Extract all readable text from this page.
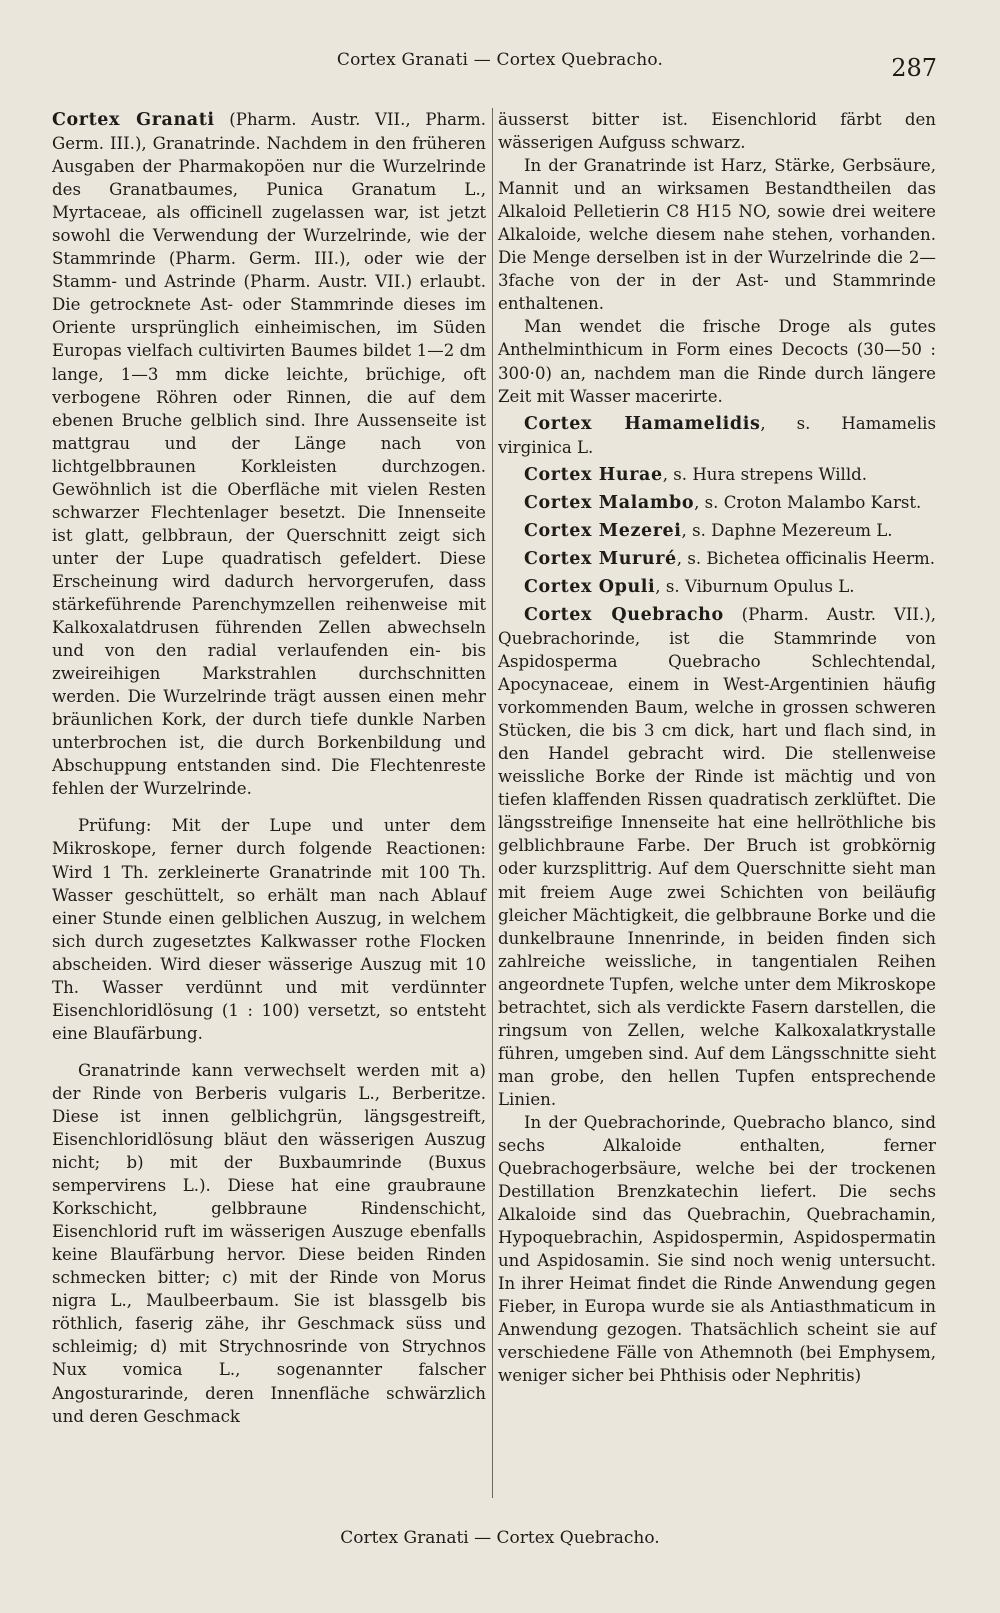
Cortex Granati — Cortex Quebracho.	287

Cortex Granati (Pharm. Austr. VII., Pharm. Germ. III.), Granatrinde. Nachdem in den früheren Ausgaben der Pharmakopöen nur die Wurzelrinde des Granatbaumes, Punica Granatum L., Myrtaceae, als officinell zugelassen war, ist jetzt sowohl die Verwendung der Wurzelrinde, wie der Stammrinde (Pharm. Germ. III.), oder wie der Stamm- und Astrinde (Pharm. Austr. VII.) erlaubt. Die getrocknete Ast- oder Stammrinde dieses im Oriente ursprünglich einheimischen, im Süden Europas vielfach cultivirten Baumes bildet 1—2 dm lange, 1—3 mm dicke leichte, brüchige, oft verbogene Röhren oder Rinnen, die auf dem ebenen Bruche gelblich sind. Ihre Aussenseite ist mattgrau und der Länge nach von lichtgelbbraunen Korkleisten durchzogen. Gewöhnlich ist die Oberfläche mit vielen Resten schwarzer Flechtenlager besetzt. Die Innenseite ist glatt, gelbbraun, der Querschnitt zeigt sich unter der Lupe quadratisch gefeldert. Diese Erscheinung wird dadurch hervorgerufen, dass stärkeführende Parenchymzellen reihenweise mit Kalkoxalatdrusen führenden Zellen abwechseln und von den radial verlaufenden ein- bis zweireihigen Markstrahlen durchschnitten werden. Die Wurzelrinde trägt aussen einen mehr bräunlichen Kork, der durch tiefe dunkle Narben unterbrochen ist, die durch Borkenbildung und Abschuppung entstanden sind. Die Flechtenreste fehlen der Wurzelrinde.

Prüfung: Mit der Lupe und unter dem Mikroskope, ferner durch folgende Reactionen: Wird 1 Th. zerkleinerte Granatrinde mit 100 Th. Wasser geschüttelt, so erhält man nach Ablauf einer Stunde einen gelblichen Auszug, in welchem sich durch zugesetztes Kalkwasser rothe Flocken abscheiden. Wird dieser wässerige Auszug mit 10 Th. Wasser verdünnt und mit verdünnter Eisenchloridlösung (1 : 100) versetzt, so entsteht eine Blaufärbung.

Granatrinde kann verwechselt werden mit a) der Rinde von Berberis vulgaris L., Berberitze. Diese ist innen gelblichgrün, längsgestreift, Eisenchloridlösung bläut den wässerigen Auszug nicht; b) mit der Buxbaumrinde (Buxus sempervirens L.). Diese hat eine graubraune Korkschicht, gelbbraune Rindenschicht, Eisenchlorid ruft im wässerigen Auszuge ebenfalls keine Blaufärbung hervor. Diese beiden Rinden schmecken bitter; c) mit der Rinde von Morus nigra L., Maulbeerbaum. Sie ist blassgelb bis röthlich, faserig zähe, ihr Geschmack süss und schleimig; d) mit Strychnosrinde von Strychnos Nux vomica L., sogenannter falscher Angosturarinde, deren Innenfläche schwärzlich und deren Geschmack

äusserst bitter ist. Eisenchlorid färbt den wässerigen Aufguss schwarz.

In der Granatrinde ist Harz, Stärke, Gerbsäure, Mannit und an wirksamen Bestandtheilen das Alkaloid Pelletierin C8 H15 NO, sowie drei weitere Alkaloide, welche diesem nahe stehen, vorhanden. Die Menge derselben ist in der Wurzelrinde die 2—3fache von der in der Ast- und Stammrinde enthaltenen.

Man wendet die frische Droge als gutes Anthelminthicum in Form eines Decocts (30—50 : 300·0) an, nachdem man die Rinde durch längere Zeit mit Wasser macerirte.

Cortex Hamamelidis, s. Hamamelis virginica L.

Cortex Hurae, s. Hura strepens Willd.

Cortex Malambo, s. Croton Malambo Karst.

Cortex Mezerei, s. Daphne Mezereum L.

Cortex Mururé, s. Bichetea officinalis Heerm.

Cortex Opuli, s. Viburnum Opulus L.

Cortex Quebracho (Pharm. Austr. VII.), Quebrachorinde, ist die Stammrinde von Aspidosperma Quebracho Schlechtendal, Apocynaceae, einem in West-Argentinien häufig vorkommenden Baum, welche in grossen schweren Stücken, die bis 3 cm dick, hart und flach sind, in den Handel gebracht wird. Die stellenweise weissliche Borke der Rinde ist mächtig und von tiefen klaffenden Rissen quadratisch zerklüftet. Die längsstreifige Innenseite hat eine hellröthliche bis gelblichbraune Farbe. Der Bruch ist grobkörnig oder kurzsplittrig. Auf dem Querschnitte sieht man mit freiem Auge zwei Schichten von beiläufig gleicher Mächtigkeit, die gelbbraune Borke und die dunkelbraune Innenrinde, in beiden finden sich zahlreiche weissliche, in tangentialen Reihen angeordnete Tupfen, welche unter dem Mikroskope betrachtet, sich als verdickte Fasern darstellen, die ringsum von Zellen, welche Kalkoxalatkrystalle führen, umgeben sind. Auf dem Längsschnitte sieht man grobe, den hellen Tupfen entsprechende Linien.

In der Quebrachorinde, Quebracho blanco, sind sechs Alkaloide enthalten, ferner Quebrachogerbsäure, welche bei der trockenen Destillation Brenzkatechin liefert. Die sechs Alkaloide sind das Quebrachin, Quebrachamin, Hypoquebrachin, Aspidospermin, Aspidospermatin und Aspidosamin. Sie sind noch wenig untersucht. In ihrer Heimat findet die Rinde Anwendung gegen Fieber, in Europa wurde sie als Antiasthmaticum in Anwendung gezogen. Thatsächlich scheint sie auf verschiedene Fälle von Athemnoth (bei Emphysem, weniger sicher bei Phthisis oder Nephritis)

Cortex Granati — Cortex Quebracho.
